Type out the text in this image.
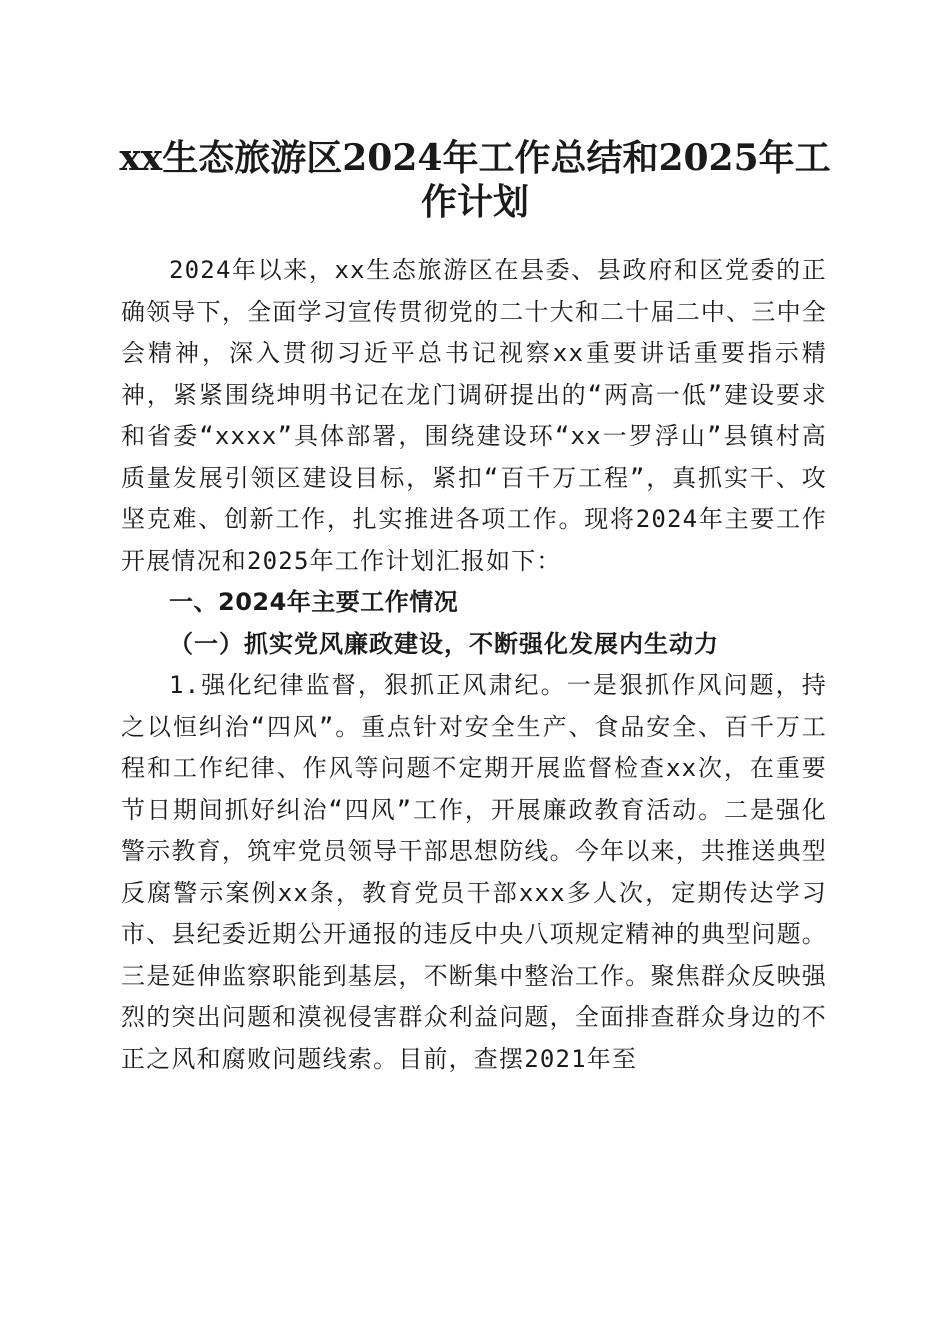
xx生态旅游区2024年工作总结和2025年工作计划

2024年以来，xx生态旅游区在县委、县政府和区党委的正确领导下，全面学习宣传贯彻党的二十大和二十届二中、三中全会精神，深入贯彻习近平总书记视察xx重要讲话重要指示精神，紧紧围绕坤明书记在龙门调研提出的“两高一低”建设要求和省委“xxxx”具体部署，围绕建设环“xx一罗浮山”县镇村高质量发展引领区建设目标，紧扣“百千万工程”，真抓实干、攻坚克难、创新工作，扎实推进各项工作。现将2024年主要工作开展情况和2025年工作计划汇报如下：

一、2024年主要工作情况

（一）抓实党风廉政建设，不断强化发展内生动力

1.强化纪律监督，狠抓正风肃纪。一是狠抓作风问题，持之以恒纠治“四风”。重点针对安全生产、食品安全、百千万工程和工作纪律、作风等问题不定期开展监督检查xx次，在重要节日期间抓好纠治“四风”工作，开展廉政教育活动。二是强化警示教育，筑牢党员领导干部思想防线。今年以来，共推送典型反腐警示案例xx条，教育党员干部xxx多人次，定期传达学习市、县纪委近期公开通报的违反中央八项规定精神的典型问题。三是延伸监察职能到基层，不断集中整治工作。聚焦群众反映强烈的突出问题和漠视侵害群众利益问题，全面排查群众身边的不正之风和腐败问题线索。目前，查摆2021年至
